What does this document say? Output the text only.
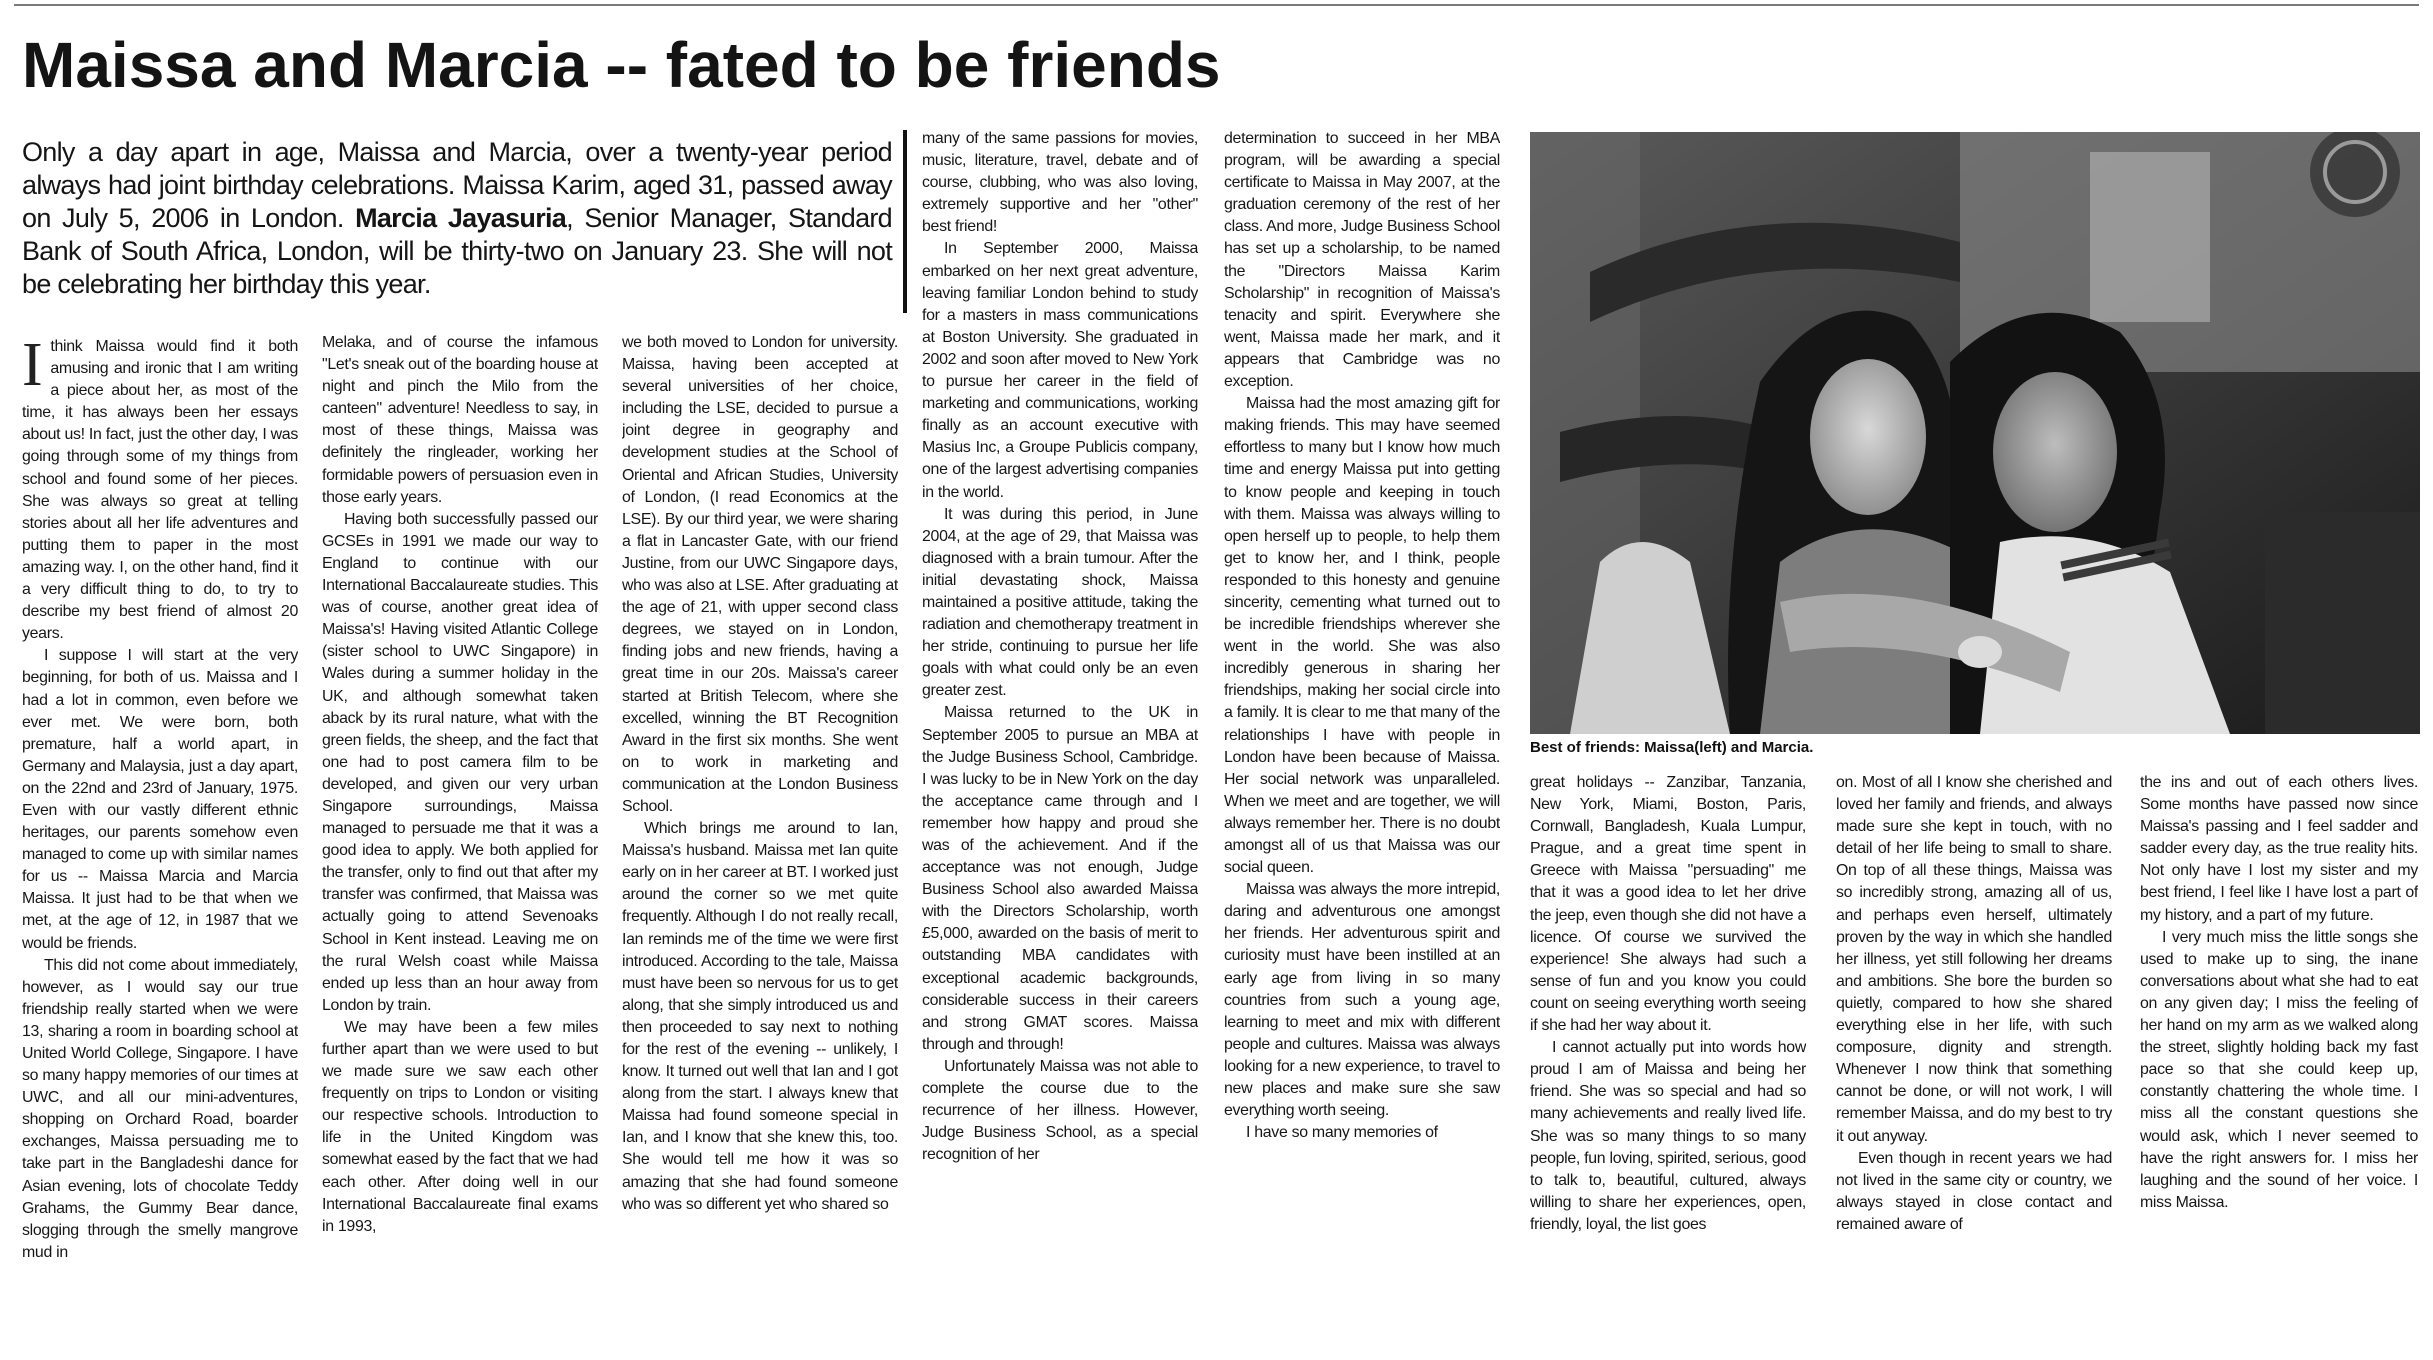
Maissa and Marcia -- fated to be friends

Only a day apart in age, Maissa and Marcia, over a twenty-year period always had joint birthday celebrations. Maissa Karim, aged 31, passed away on July 5, 2006 in London. Marcia Jayasuria, Senior Manager, Standard Bank of South Africa, London, will be thirty-two on January 23. She will not be celebrating her birthday this year.

Ithink Maissa would find it both amusing and ironic that I am writing a piece about her, as most of the time, it has always been her essays about us! In fact, just the other day, I was going through some of my things from school and found some of her pieces. She was always so great at telling stories about all her life adventures and putting them to paper in the most amazing way. I, on the other hand, find it a very difficult thing to do, to try to describe my best friend of almost 20 years.

I suppose I will start at the very beginning, for both of us. Maissa and I had a lot in common, even before we ever met. We were born, both premature, half a world apart, in Germany and Malaysia, just a day apart, on the 22nd and 23rd of January, 1975. Even with our vastly different ethnic heritages, our parents somehow even managed to come up with similar names for us -- Maissa Marcia and Marcia Maissa. It just had to be that when we met, at the age of 12, in 1987 that we would be friends.

This did not come about immediately, however, as I would say our true friendship really started when we were 13, sharing a room in boarding school at United World College, Singapore. I have so many happy memories of our times at UWC, and all our mini-adventures, shopping on Orchard Road, boarder exchanges, Maissa persuading me to take part in the Bangladeshi dance for Asian evening, lots of chocolate Teddy Grahams, the Gummy Bear dance, slogging through the smelly mangrove mud in

Melaka, and of course the infamous "Let's sneak out of the boarding house at night and pinch the Milo from the canteen" adventure! Needless to say, in most of these things, Maissa was definitely the ringleader, working her formidable powers of persuasion even in those early years.

Having both successfully passed our GCSEs in 1991 we made our way to England to continue with our International Baccalaureate studies. This was of course, another great idea of Maissa's! Having visited Atlantic College (sister school to UWC Singapore) in Wales during a summer holiday in the UK, and although somewhat taken aback by its rural nature, what with the green fields, the sheep, and the fact that one had to post camera film to be developed, and given our very urban Singapore surroundings, Maissa managed to persuade me that it was a good idea to apply. We both applied for the transfer, only to find out that after my transfer was confirmed, that Maissa was actually going to attend Sevenoaks School in Kent instead. Leaving me on the rural Welsh coast while Maissa ended up less than an hour away from London by train.

We may have been a few miles further apart than we were used to but we made sure we saw each other frequently on trips to London or visiting our respective schools. Introduction to life in the United Kingdom was somewhat eased by the fact that we had each other. After doing well in our International Baccalaureate final exams in 1993,

we both moved to London for university. Maissa, having been accepted at several universities of her choice, including the LSE, decided to pursue a joint degree in geography and development studies at the School of Oriental and African Studies, University of London, (I read Economics at the LSE). By our third year, we were sharing a flat in Lancaster Gate, with our friend Justine, from our UWC Singapore days, who was also at LSE. After graduating at the age of 21, with upper second class degrees, we stayed on in London, finding jobs and new friends, having a great time in our 20s. Maissa's career started at British Telecom, where she excelled, winning the BT Recognition Award in the first six months. She went on to work in marketing and communication at the London Business School.

Which brings me around to Ian, Maissa's husband. Maissa met Ian quite early on in her career at BT. I worked just around the corner so we met quite frequently. Although I do not really recall, Ian reminds me of the time we were first introduced. According to the tale, Maissa must have been so nervous for us to get along, that she simply introduced us and then proceeded to say next to nothing for the rest of the evening -- unlikely, I know. It turned out well that Ian and I got along from the start. I always knew that Maissa had found someone special in Ian, and I know that she knew this, too. She would tell me how it was so amazing that she had found someone who was so different yet who shared so

many of the same passions for movies, music, literature, travel, debate and of course, clubbing, who was also loving, extremely supportive and her "other" best friend!

In September 2000, Maissa embarked on her next great adventure, leaving familiar London behind to study for a masters in mass communications at Boston University. She graduated in 2002 and soon after moved to New York to pursue her career in the field of marketing and communications, working finally as an account executive with Masius Inc, a Groupe Publicis company, one of the largest advertising companies in the world.

It was during this period, in June 2004, at the age of 29, that Maissa was diagnosed with a brain tumour. After the initial devastating shock, Maissa maintained a positive attitude, taking the radiation and chemotherapy treatment in her stride, continuing to pursue her life goals with what could only be an even greater zest.

Maissa returned to the UK in September 2005 to pursue an MBA at the Judge Business School, Cambridge. I was lucky to be in New York on the day the acceptance came through and I remember how happy and proud she was of the achievement. And if the acceptance was not enough, Judge Business School also awarded Maissa with the Directors Scholarship, worth £5,000, awarded on the basis of merit to outstanding MBA candidates with exceptional academic backgrounds, considerable success in their careers and strong GMAT scores. Maissa through and through!

Unfortunately Maissa was not able to complete the course due to the recurrence of her illness. However, Judge Business School, as a special recognition of her

determination to succeed in her MBA program, will be awarding a special certificate to Maissa in May 2007, at the graduation ceremony of the rest of her class. And more, Judge Business School has set up a scholarship, to be named the "Directors Maissa Karim Scholarship" in recognition of Maissa's tenacity and spirit. Everywhere she went, Maissa made her mark, and it appears that Cambridge was no exception.

Maissa had the most amazing gift for making friends. This may have seemed effortless to many but I know how much time and energy Maissa put into getting to know people and keeping in touch with them. Maissa was always willing to open herself up to people, to help them get to know her, and I think, people responded to this honesty and genuine sincerity, cementing what turned out to be incredible friendships wherever she went in the world. She was also incredibly generous in sharing her friendships, making her social circle into a family. It is clear to me that many of the relationships I have with people in London have been because of Maissa. Her social network was unparalleled. When we meet and are together, we will always remember her. There is no doubt amongst all of us that Maissa was our social queen.

Maissa was always the more intrepid, daring and adventurous one amongst her friends. Her adventurous spirit and curiosity must have been instilled at an early age from living in so many countries from such a young age, learning to meet and mix with different people and cultures. Maissa was always looking for a new experience, to travel to new places and make sure she saw everything worth seeing.

I have so many memories of

Best of friends: Maissa(left) and Marcia.

great holidays -- Zanzibar, Tanzania, New York, Miami, Boston, Paris, Cornwall, Bangladesh, Kuala Lumpur, Prague, and a great time spent in Greece with Maissa "persuading" me that it was a good idea to let her drive the jeep, even though she did not have a licence. Of course we survived the experience! She always had such a sense of fun and you know you could count on seeing everything worth seeing if she had her way about it.

I cannot actually put into words how proud I am of Maissa and being her friend. She was so special and had so many achievements and really lived life. She was so many things to so many people, fun loving, spirited, serious, good to talk to, beautiful, cultured, always willing to share her experiences, open, friendly, loyal, the list goes

on. Most of all I know she cherished and loved her family and friends, and always made sure she kept in touch, with no detail of her life being to small to share. On top of all these things, Maissa was so incredibly strong, amazing all of us, and perhaps even herself, ultimately proven by the way in which she handled her illness, yet still following her dreams and ambitions. She bore the burden so quietly, compared to how she shared everything else in her life, with such composure, dignity and strength. Whenever I now think that something cannot be done, or will not work, I will remember Maissa, and do my best to try it out anyway.

Even though in recent years we had not lived in the same city or country, we always stayed in close contact and remained aware of

the ins and out of each others lives. Some months have passed now since Maissa's passing and I feel sadder and sadder every day, as the true reality hits. Not only have I lost my sister and my best friend, I feel like I have lost a part of my history, and a part of my future.

I very much miss the little songs she used to make up to sing, the inane conversations about what she had to eat on any given day; I miss the feeling of her hand on my arm as we walked along the street, slightly holding back my fast pace so that she could keep up, constantly chattering the whole time. I miss all the constant questions she would ask, which I never seemed to have the right answers for. I miss her laughing and the sound of her voice. I miss Maissa.
